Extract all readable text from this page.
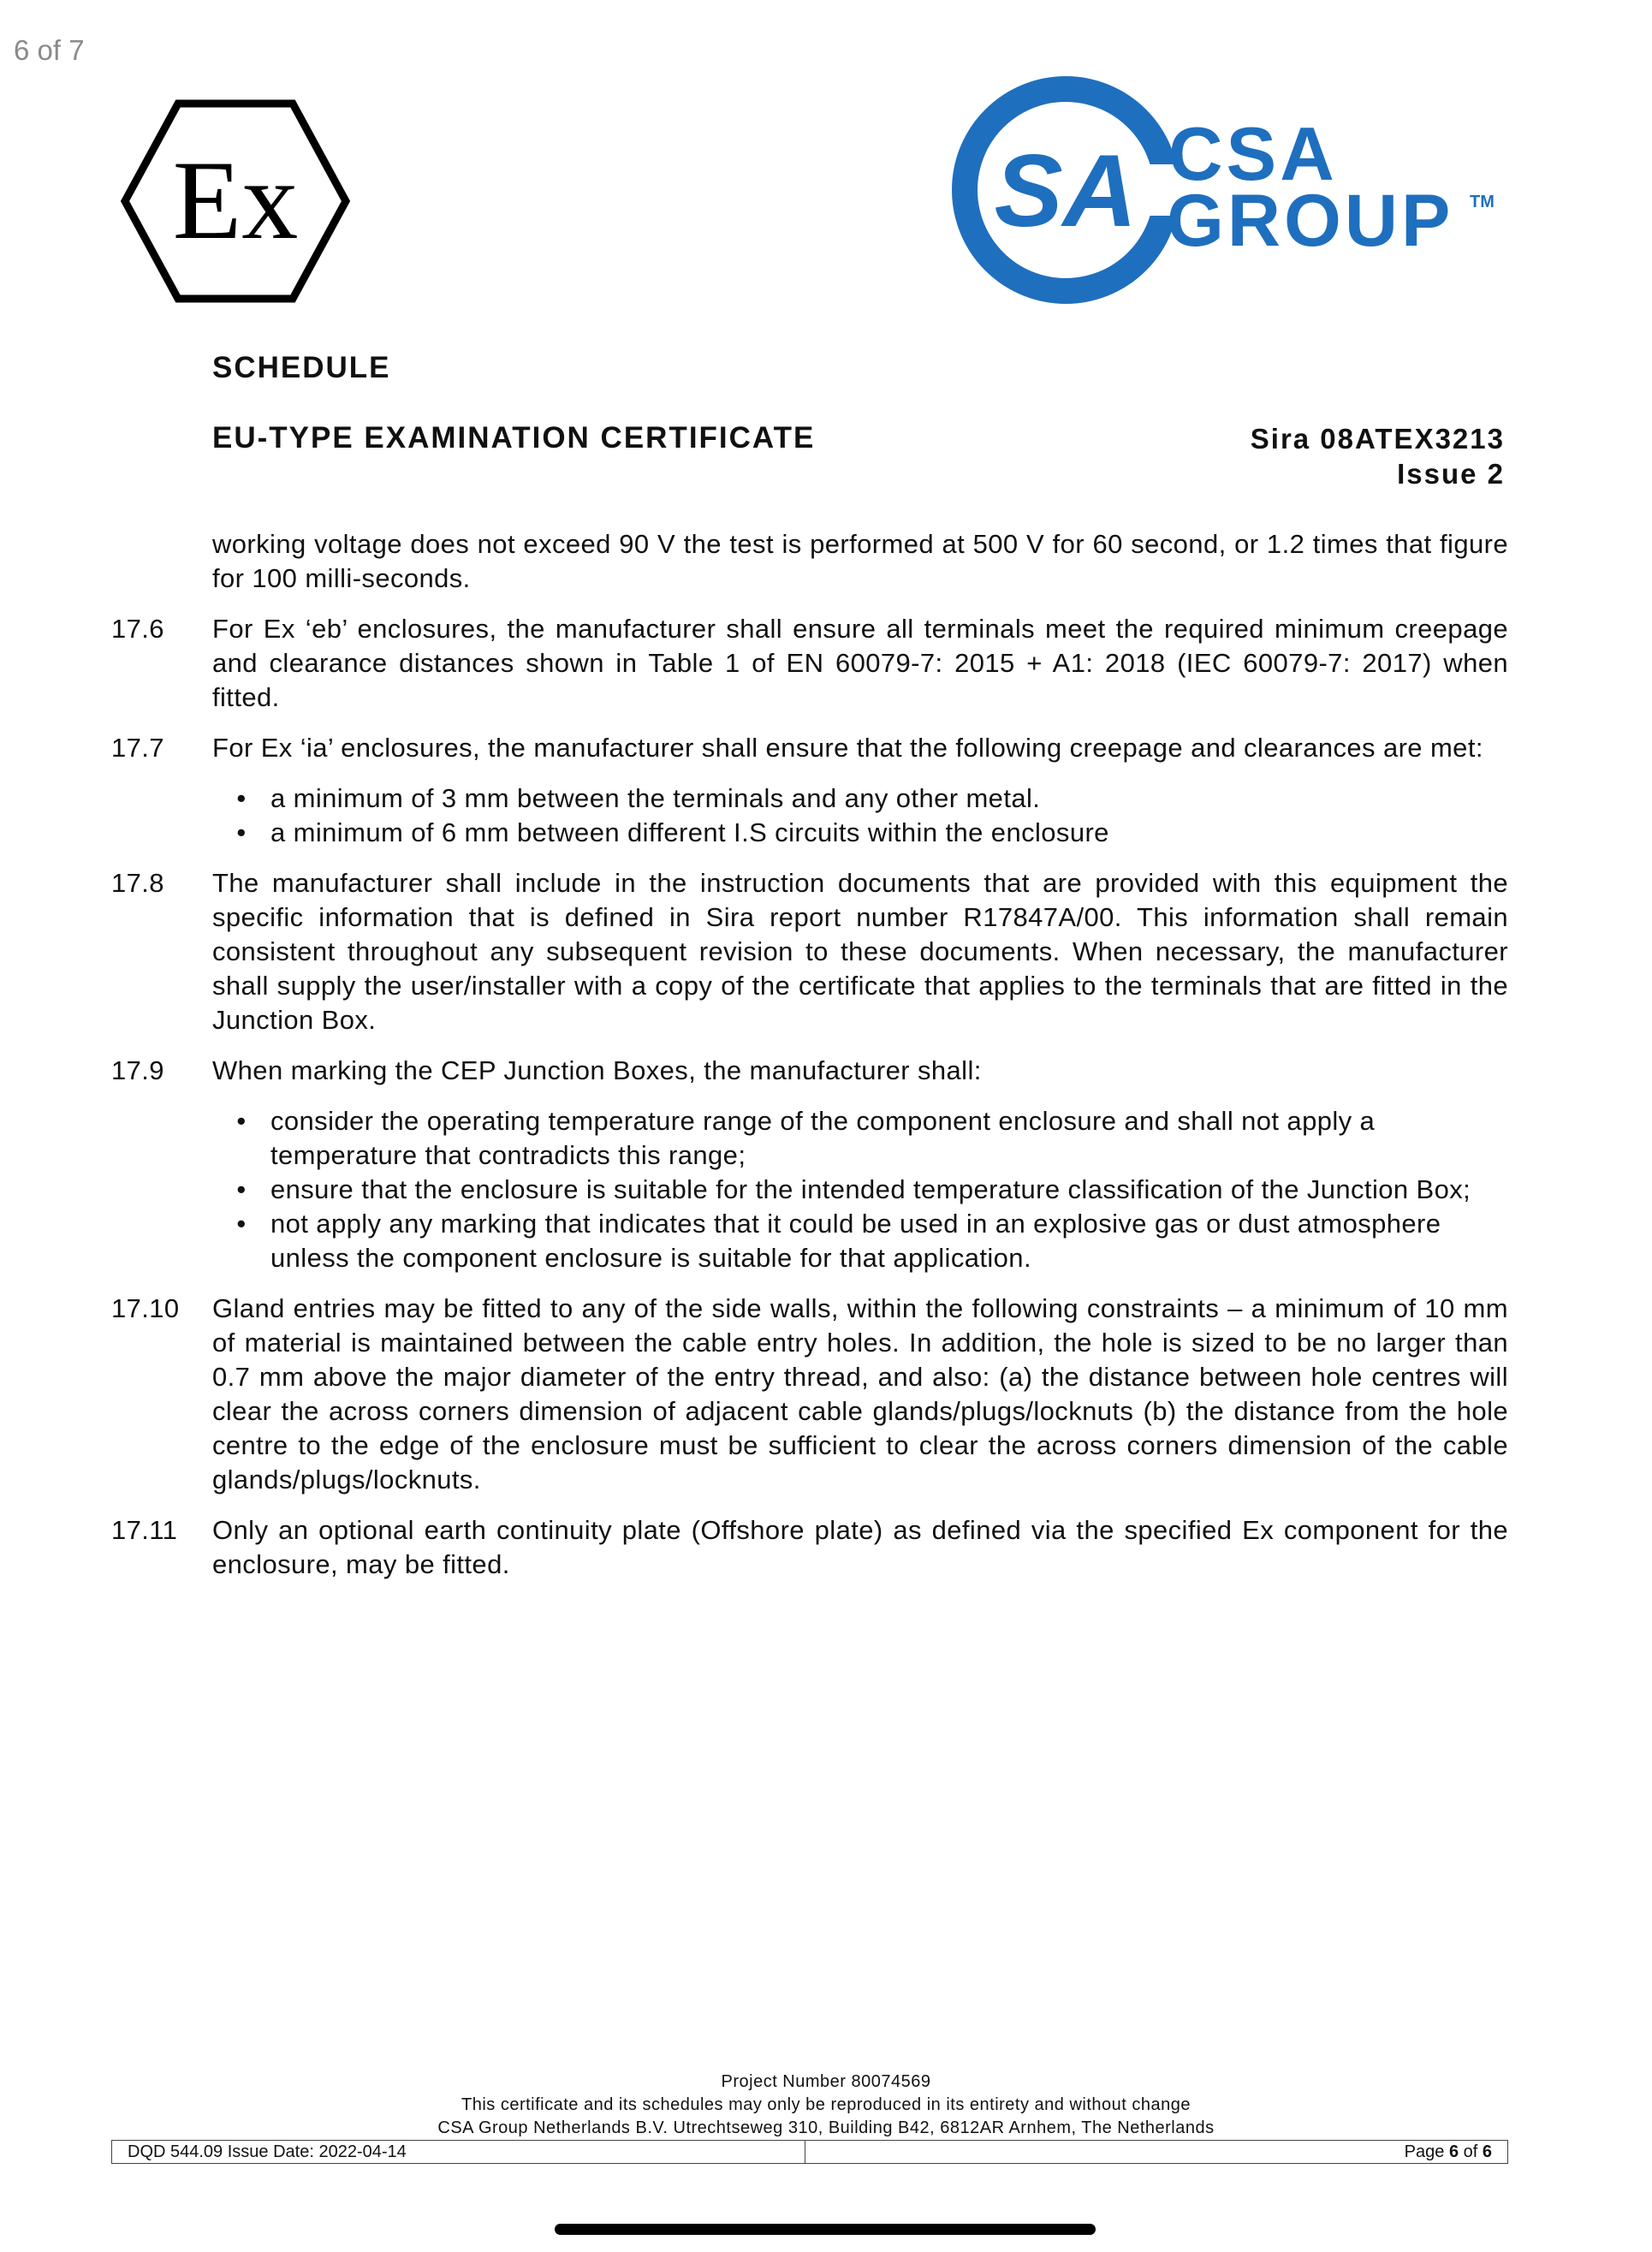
6 of 7
Ex	SA CSA
GROUP TM
SCHEDULE
EU-TYPE EXAMINATION CERTIFICATE	Sira 08ATEX3213
Issue 2
working voltage does not exceed 90 V the test is performed at 500 V for 60 second, or 1.2 times that figure for 100 milli-seconds.
17.6	For Ex ‘eb’ enclosures, the manufacturer shall ensure all terminals meet the required minimum creepage and clearance distances shown in Table 1 of EN 60079-7: 2015 + A1: 2018 (IEC 60079-7: 2017) when fitted.
17.7	For Ex ‘ia’ enclosures, the manufacturer shall ensure that the following creepage and clearances are met:
• a minimum of 3 mm between the terminals and any other metal.
• a minimum of 6 mm between different I.S circuits within the enclosure
17.8	The manufacturer shall include in the instruction documents that are provided with this equipment the specific information that is defined in Sira report number R17847A/00. This information shall remain consistent throughout any subsequent revision to these documents. When necessary, the manufacturer shall supply the user/installer with a copy of the certificate that applies to the terminals that are fitted in the Junction Box.
17.9	When marking the CEP Junction Boxes, the manufacturer shall:
• consider the operating temperature range of the component enclosure and shall not apply a temperature that contradicts this range;
• ensure that the enclosure is suitable for the intended temperature classification of the Junction Box;
• not apply any marking that indicates that it could be used in an explosive gas or dust atmosphere unless the component enclosure is suitable for that application.
17.10	Gland entries may be fitted to any of the side walls, within the following constraints – a minimum of 10 mm of material is maintained between the cable entry holes. In addition, the hole is sized to be no larger than 0.7 mm above the major diameter of the entry thread, and also: (a) the distance between hole centres will clear the across corners dimension of adjacent cable glands/plugs/locknuts (b) the distance from the hole centre to the edge of the enclosure must be sufficient to clear the across corners dimension of the cable glands/plugs/locknuts.
17.11	Only an optional earth continuity plate (Offshore plate) as defined via the specified Ex component for the enclosure, may be fitted.
Project Number 80074569
This certificate and its schedules may only be reproduced in its entirety and without change
CSA Group Netherlands B.V. Utrechtseweg 310, Building B42, 6812AR Arnhem, The Netherlands
DQD 544.09 Issue Date: 2022-04-14	Page 6 of 6
